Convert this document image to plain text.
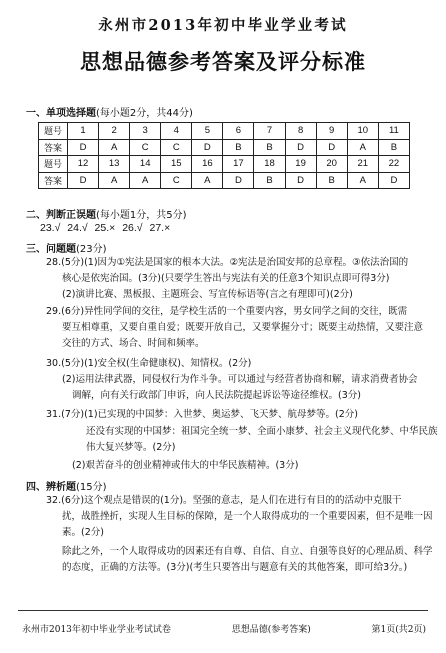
永州市2013年初中毕业学业考试
思想品德参考答案及评分标准
一、单项选择题(每小题2分，共44分)
题号	1	2	3	4	5	6	7	8	9	10	11
答案	D	A	C	C	D	B	B	D	D	A	B
题号	12	13	14	15	16	17	18	19	20	21	22
答案	D	A	A	C	A	D	B	D	B	A	D
二、判断正误题(每小题1分，共5分)
23.√ 24.√ 25.× 26.√ 27.×
三、问题题(23分)
28.(5分)(1)因为①宪法是国家的根本大法。②宪法是治国安邦的总章程。③依法治国的
核心是依宪治国。(3分)(只要学生答出与宪法有关的任意3个知识点即可得3分)
(2)演讲比赛、黑板报、主题班会、写宣传标语等(言之有理即可)(2分)
29.(6分)异性同学间的交往，是学校生活的一个重要内容，男女同学之间的交往，既需
要互相尊重，又要自重自爱；既要开放自己，又要掌握分寸；既要主动热情，又要注意
交往的方式、场合、时间和频率。
30.(5分)(1)安全权(生命健康权)、知情权。(2分)
(2)运用法律武器，同侵权行为作斗争。可以通过与经营者协商和解，请求消费者协会
调解，向有关行政部门申诉，向人民法院提起诉讼等途径维权。(3分)
31.(7分)(1)已实现的中国梦：入世梦、奥运梦、飞天梦、航母梦等。(2分)
还没有实现的中国梦：祖国完全统一梦、全面小康梦、社会主义现代化梦、中华民族
伟大复兴梦等。(2分)
(2)艰苦奋斗的创业精神或伟大的中华民族精神。(3分)
四、辨析题(15分)
32.(6分)这个观点是错误的(1分)。坚强的意志，是人们在进行有目的的活动中克服干
扰，战胜挫折，实现人生目标的保障，是一个人取得成功的一个重要因素，但不是唯一因
素。(2分)
除此之外，一个人取得成功的因素还有自尊、自信、自立、自强等良好的心理品质、科学
的态度，正确的方法等。(3分)(考生只要答出与题意有关的其他答案，即可给3分。)
永州市2013年初中毕业学业考试试卷	思想品德(参考答案)	第1页(共2页)
